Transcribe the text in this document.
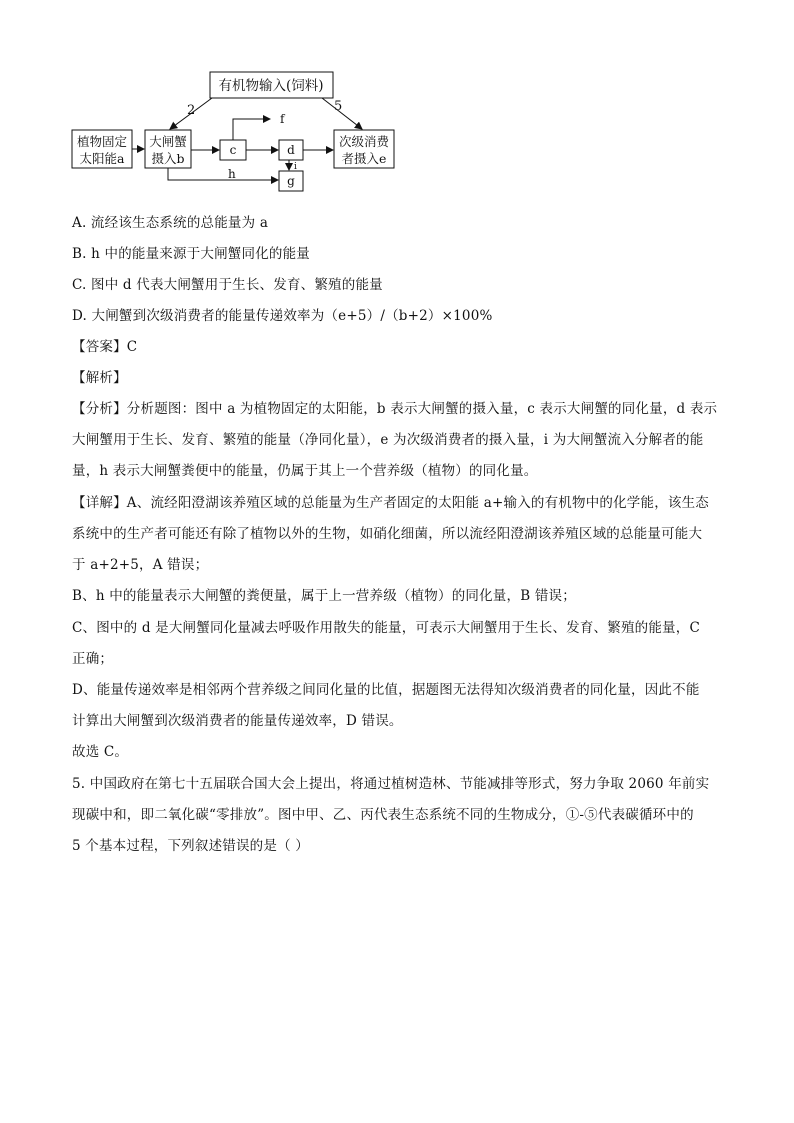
有机物输入(饲料)
植物固定
太阳能a
大闸蟹
摄入b
c	d
g
次级消费
者摄入e
2	5
f
h	i
A. 流经该生态系统的总能量为 a
B. h 中的能量来源于大闸蟹同化的能量
C. 图中 d 代表大闸蟹用于生长、发育、繁殖的能量
D. 大闸蟹到次级消费者的能量传递效率为（e+5）/（b+2）×100%
【答案】C
【解析】
【分析】分析题图：图中 a 为植物固定的太阳能，b 表示大闸蟹的摄入量，c 表示大闸蟹的同化量，d 表示
大闸蟹用于生长、发育、繁殖的能量（净同化量），e 为次级消费者的摄入量，i 为大闸蟹流入分解者的能
量，h 表示大闸蟹粪便中的能量，仍属于其上一个营养级（植物）的同化量。
【详解】A、流经阳澄湖该养殖区域的总能量为生产者固定的太阳能 a+输入的有机物中的化学能，该生态
系统中的生产者可能还有除了植物以外的生物，如硝化细菌，所以流经阳澄湖该养殖区域的总能量可能大
于 a+2+5，A 错误；
B、h 中的能量表示大闸蟹的粪便量，属于上一营养级（植物）的同化量，B 错误；
C、图中的 d 是大闸蟹同化量减去呼吸作用散失的能量，可表示大闸蟹用于生长、发育、繁殖的能量，C
正确；
D、能量传递效率是相邻两个营养级之间同化量的比值，据题图无法得知次级消费者的同化量，因此不能
计算出大闸蟹到次级消费者的能量传递效率，D 错误。
故选 C。
5. 中国政府在第七十五届联合国大会上提出，将通过植树造林、节能减排等形式，努力争取 2060 年前实
现碳中和，即二氧化碳“零排放”。图中甲、乙、丙代表生态系统不同的生物成分，①-⑤代表碳循环中的
5 个基本过程，下列叙述错误的是（ ）
